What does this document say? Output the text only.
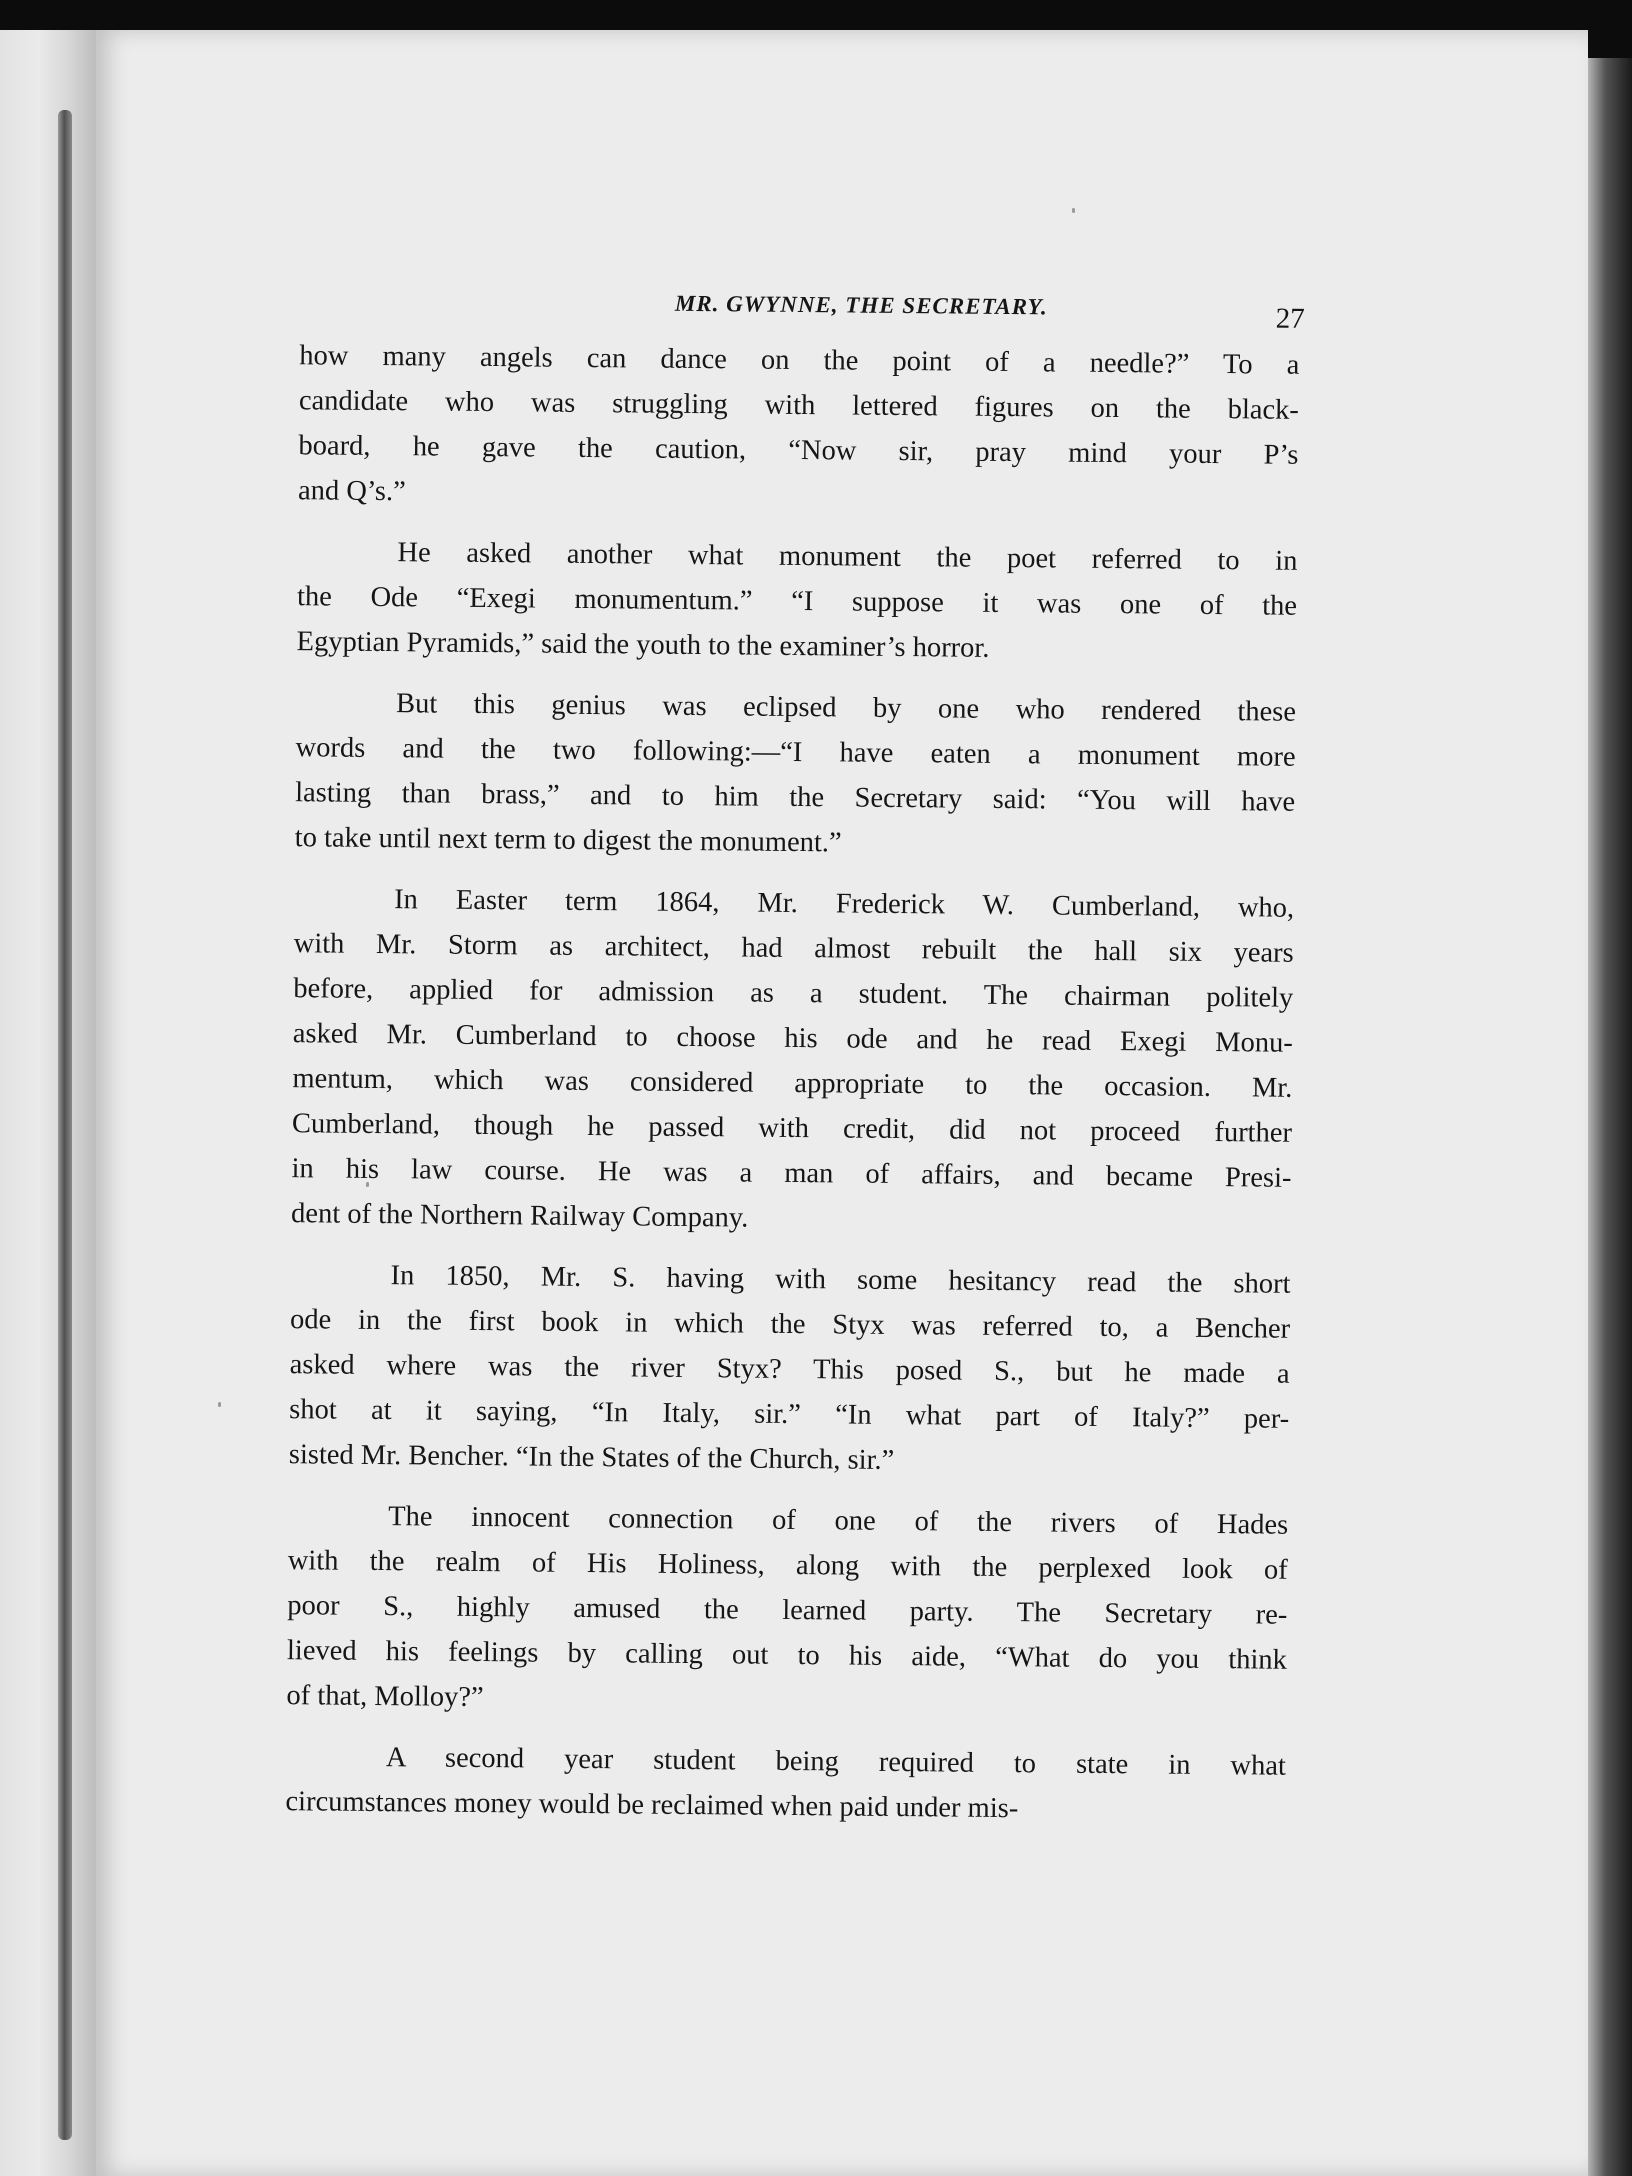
MR. GWYNNE, THE SECRETARY.	27

how many angels can dance on the point of a needle?” To a
candidate who was struggling with lettered figures on the black-
board, he gave the caution, “Now sir, pray mind your P’s
and Q’s.”

He asked another what monument the poet referred to in
the Ode “Exegi monumentum.” “I suppose it was one of the
Egyptian Pyramids,” said the youth to the examiner’s horror.

But this genius was eclipsed by one who rendered these
words and the two following:—“I have eaten a monument more
lasting than brass,” and to him the Secretary said: “You will have
to take until next term to digest the monument.”

In Easter term 1864, Mr. Frederick W. Cumberland, who,
with Mr. Storm as architect, had almost rebuilt the hall six years
before, applied for admission as a student. The chairman politely
asked Mr. Cumberland to choose his ode and he read Exegi Monu-
mentum, which was considered appropriate to the occasion. Mr.
Cumberland, though he passed with credit, did not proceed further
in his law course. He was a man of affairs, and became Presi-
dent of the Northern Railway Company.

In 1850, Mr. S. having with some hesitancy read the short
ode in the first book in which the Styx was referred to, a Bencher
asked where was the river Styx? This posed S., but he made a
shot at it saying, “In Italy, sir.” “In what part of Italy?” per-
sisted Mr. Bencher. “In the States of the Church, sir.”

The innocent connection of one of the rivers of Hades
with the realm of His Holiness, along with the perplexed look of
poor S., highly amused the learned party. The Secretary re-
lieved his feelings by calling out to his aide, “What do you think
of that, Molloy?”

A second year student being required to state in what
circumstances money would be reclaimed when paid under mis-
